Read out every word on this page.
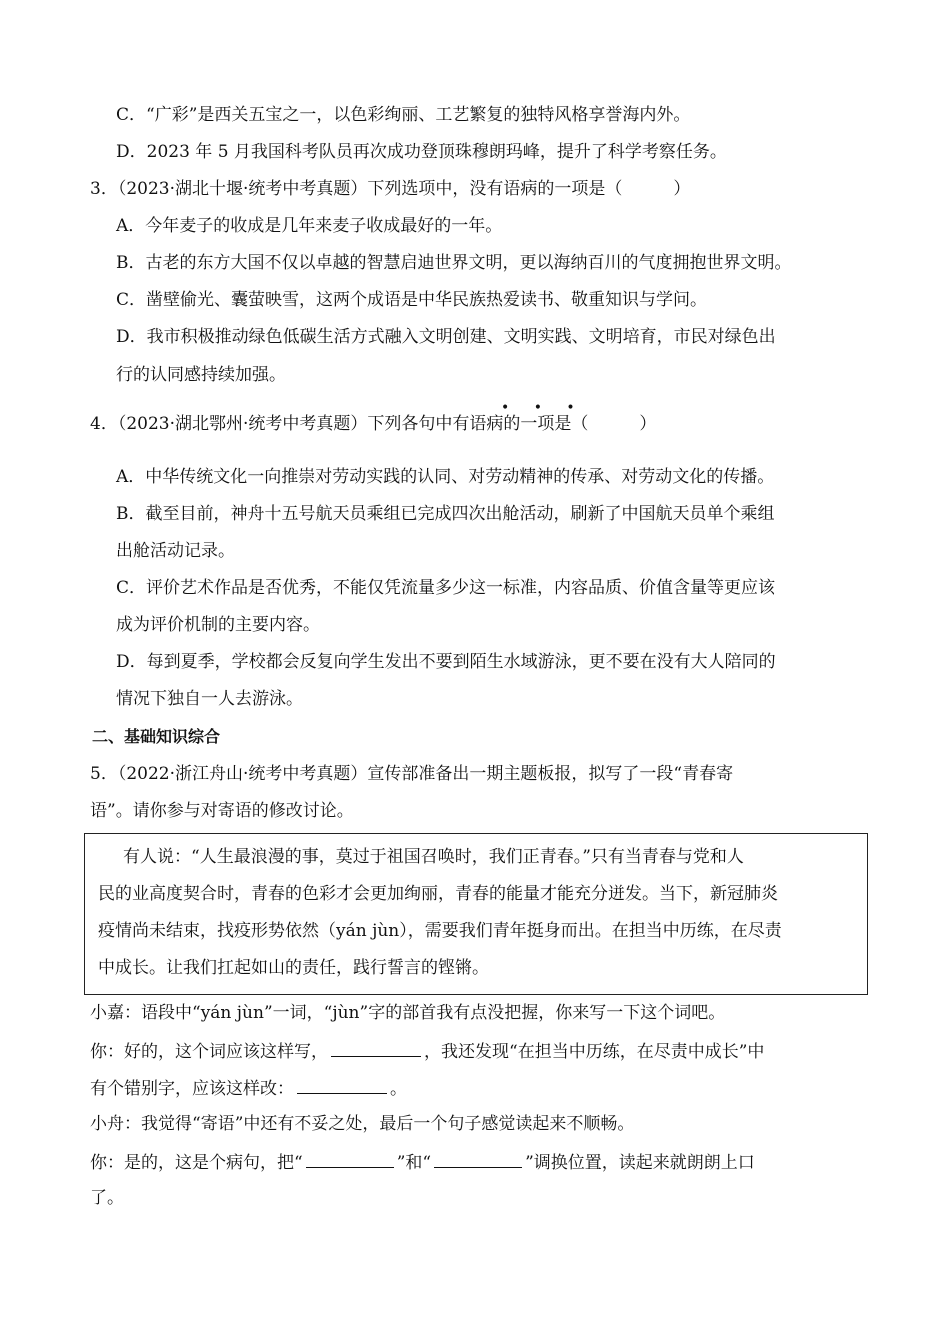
C．“广彩”是西关五宝之一，以色彩绚丽、工艺繁复的独特风格享誉海内外。
D．2023 年 5 月我国科考队员再次成功登顶珠穆朗玛峰，提升了科学考察任务。
3．（2023·湖北十堰·统考中考真题）下列选项中，没有语病的一项是（　　　）
A．今年麦子的收成是几年来麦子收成最好的一年。
B．古老的东方大国不仅以卓越的智慧启迪世界文明，更以海纳百川的气度拥抱世界文明。
C．凿壁偷光、囊萤映雪，这两个成语是中华民族热爱读书、敬重知识与学问。
D．我市积极推动绿色低碳生活方式融入文明创建、文明实践、文明培育，市民对绿色出
行的认同感持续加强。
• • •
4．（2023·湖北鄂州·统考中考真题）下列各句中有语病的一项是（　　　）
A．中华传统文化一向推崇对劳动实践的认同、对劳动精神的传承、对劳动文化的传播。
B．截至目前，神舟十五号航天员乘组已完成四次出舱活动，刷新了中国航天员单个乘组
出舱活动记录。
C．评价艺术作品是否优秀，不能仅凭流量多少这一标准，内容品质、价值含量等更应该
成为评价机制的主要内容。
D．每到夏季，学校都会反复向学生发出不要到陌生水域游泳，更不要在没有大人陪同的
情况下独自一人去游泳。
二、基础知识综合
5．（2022·浙江舟山·统考中考真题）宣传部准备出一期主题板报，拟写了一段“青春寄
语”。请你参与对寄语的修改讨论。
有人说：“人生最浪漫的事，莫过于祖国召唤时，我们正青春。”只有当青春与党和人
民的业高度契合时，青春的色彩才会更加绚丽，青春的能量才能充分迸发。当下，新冠肺炎
疫情尚未结束，找疫形势依然（yán jùn），需要我们青年挺身而出。在担当中历练，在尽责
中成长。让我们扛起如山的责任，践行誓言的铿锵。
小嘉：语段中“yán jùn”一词，“jùn”字的部首我有点没把握，你来写一下这个词吧。
你：好的，这个词应该这样写，	，我还发现“在担当中历练，在尽责中成长”中
有个错别字，应该这样改：	。
小舟：我觉得“寄语”中还有不妥之处，最后一个句子感觉读起来不顺畅。
你：是的，这是个病句，把“	”和“	”调换位置，读起来就朗朗上口
了。
